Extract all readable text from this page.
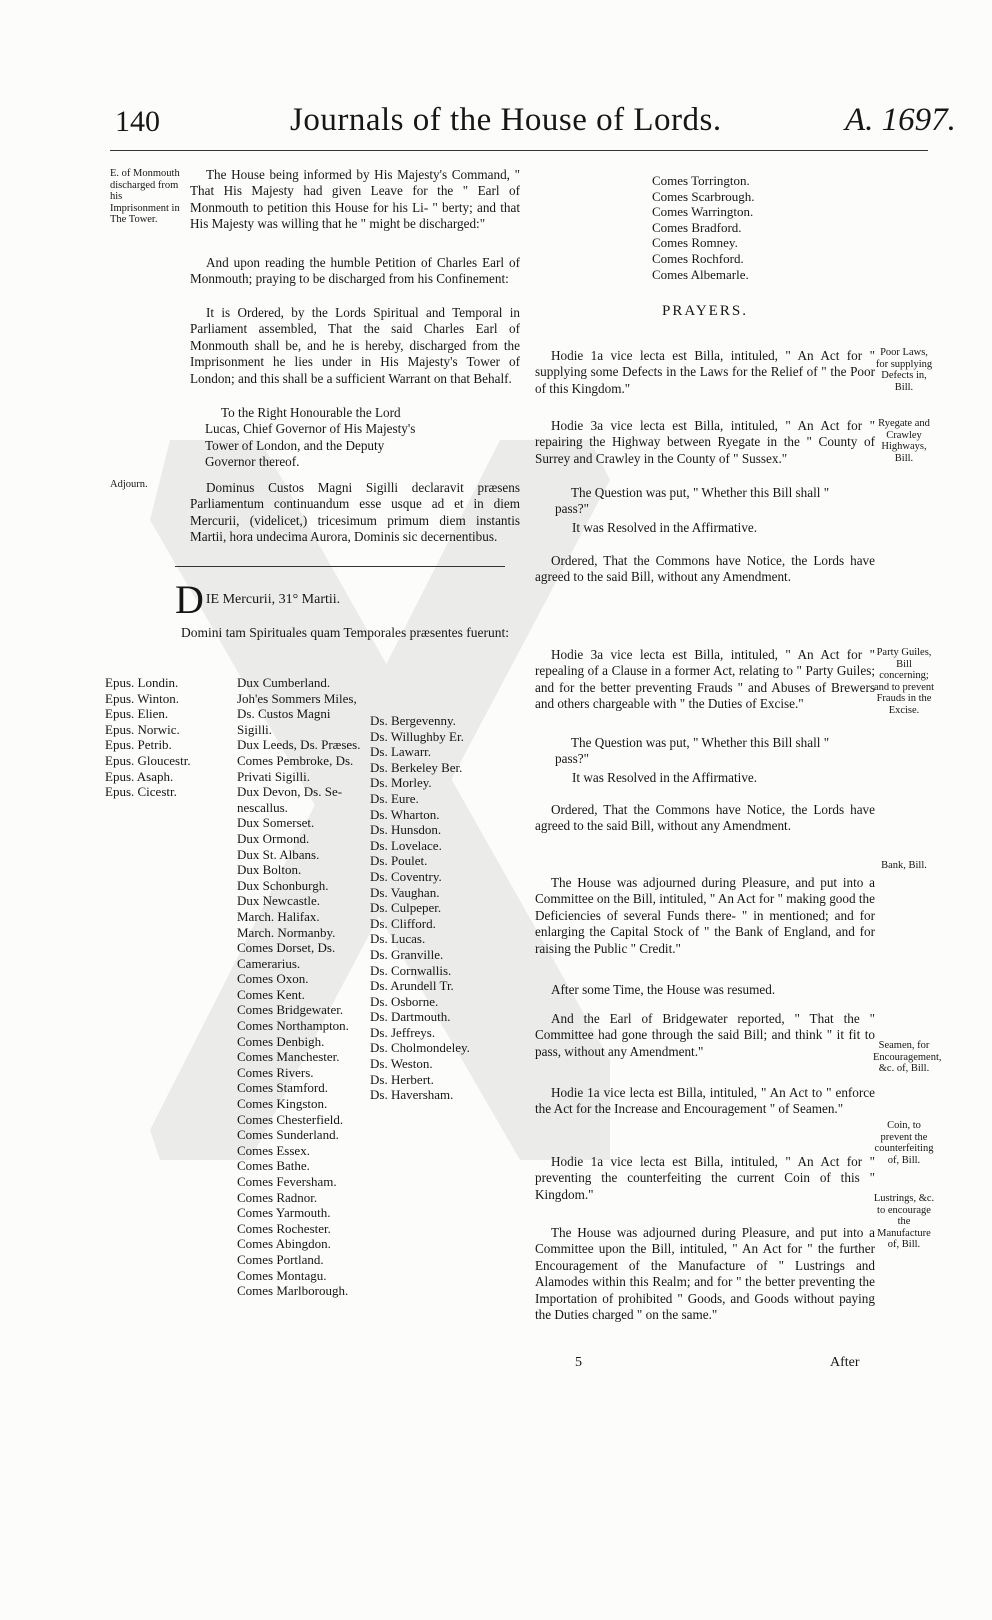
140	Journals of the House of Lords.	A. 1697.
E. of Monmouth discharged from his Imprisonment in The Tower.
Adjourn.
The House being informed by His Majesty's Command, " That His Majesty had given Leave for the " Earl of Monmouth to petition this House for his Li- " berty; and that His Majesty was willing that he " might be discharged:"
And upon reading the humble Petition of Charles Earl of Monmouth; praying to be discharged from his Confinement:
It is Ordered, by the Lords Spiritual and Temporal in Parliament assembled, That the said Charles Earl of Monmouth shall be, and he is hereby, discharged from the Imprisonment he lies under in His Majesty's Tower of London; and this shall be a sufficient Warrant on that Behalf.
To the Right Honourable the Lord Lucas, Chief Governor of His Majesty's Tower of London, and the Deputy Governor thereof.
Dominus Custos Magni Sigilli declaravit præsens Parliamentum continuandum esse usque ad et in diem Mercurii, (videlicet,) tricesimum primum diem instantis Martii, hora undecima Aurora, Dominis sic decernentibus.
D IE Mercurii, 31° Martii.
Domini tam Spirituales quam Temporales præsentes fuerunt:
Epus. Londin.
Epus. Winton.
Epus. Elien.
Epus. Norwic.
Epus. Petrib.
Epus. Gloucestr.
Epus. Asaph.
Epus. Cicestr.
Dux Cumberland.
Joh'es Sommers Miles,
Ds. Custos Magni
Sigilli.
Dux Leeds, Ds. Præses.
Comes Pembroke, Ds.
Privati Sigilli.
Dux Devon, Ds. Se-
nescallus.
Dux Somerset.
Dux Ormond.
Dux St. Albans.
Dux Bolton.
Dux Schonburgh.
Dux Newcastle.
March. Halifax.
March. Normanby.
Comes Dorset, Ds.
Camerarius.
Comes Oxon.
Comes Kent.
Comes Bridgewater.
Comes Northampton.
Comes Denbigh.
Comes Manchester.
Comes Rivers.
Comes Stamford.
Comes Kingston.
Comes Chesterfield.
Comes Sunderland.
Comes Essex.
Comes Bathe.
Comes Feversham.
Comes Radnor.
Comes Yarmouth.
Comes Rochester.
Comes Abingdon.
Comes Portland.
Comes Montagu.
Comes Marlborough.
Ds. Bergevenny.
Ds. Willughby Er.
Ds. Lawarr.
Ds. Berkeley Ber.
Ds. Morley.
Ds. Eure.
Ds. Wharton.
Ds. Hunsdon.
Ds. Lovelace.
Ds. Poulet.
Ds. Coventry.
Ds. Vaughan.
Ds. Culpeper.
Ds. Clifford.
Ds. Lucas.
Ds. Granville.
Ds. Cornwallis.
Ds. Arundell Tr.
Ds. Osborne.
Ds. Dartmouth.
Ds. Jeffreys.
Ds. Cholmondeley.
Ds. Weston.
Ds. Herbert.
Ds. Haversham.
Comes Torrington.
Comes Scarbrough.
Comes Warrington.
Comes Bradford.
Comes Romney.
Comes Rochford.
Comes Albemarle.
PRAYERS.
Poor Laws, for supplying Defects in, Bill.
Ryegate and Crawley Highways, Bill.
Party Guiles, Bill concerning; and to prevent Frauds in the Excise.
Bank, Bill.
Seamen, for Encouragement, &c. of, Bill.
Coin, to prevent the counterfeiting of, Bill.
Lustrings, &c. to encourage the Manufacture of, Bill.
Hodie 1a vice lecta est Billa, intituled, " An Act for " supplying some Defects in the Laws for the Relief of " the Poor of this Kingdom."
Hodie 3a vice lecta est Billa, intituled, " An Act for " repairing the Highway between Ryegate in the " County of Surrey and Crawley in the County of " Sussex."
The Question was put, " Whether this Bill shall " pass?"
It was Resolved in the Affirmative.
Ordered, That the Commons have Notice, the Lords have agreed to the said Bill, without any Amendment.
Hodie 3a vice lecta est Billa, intituled, " An Act for " repealing of a Clause in a former Act, relating to " Party Guiles; and for the better preventing Frauds " and Abuses of Brewers and others chargeable with " the Duties of Excise."
The Question was put, " Whether this Bill shall " pass?"
It was Resolved in the Affirmative.
Ordered, That the Commons have Notice, the Lords have agreed to the said Bill, without any Amendment.
The House was adjourned during Pleasure, and put into a Committee on the Bill, intituled, " An Act for " making good the Deficiencies of several Funds there- " in mentioned; and for enlarging the Capital Stock of " the Bank of England, and for raising the Public " Credit."
After some Time, the House was resumed.
And the Earl of Bridgewater reported, " That the " Committee had gone through the said Bill; and think " it fit to pass, without any Amendment."
Hodie 1a vice lecta est Billa, intituled, " An Act to " enforce the Act for the Increase and Encouragement " of Seamen."
Hodie 1a vice lecta est Billa, intituled, " An Act for " preventing the counterfeiting the current Coin of this " Kingdom."
The House was adjourned during Pleasure, and put into a Committee upon the Bill, intituled, " An Act for " the further Encouragement of the Manufacture of " Lustrings and Alamodes within this Realm; and for " the better preventing the Importation of prohibited " Goods, and Goods without paying the Duties charged " on the same."
5	After
